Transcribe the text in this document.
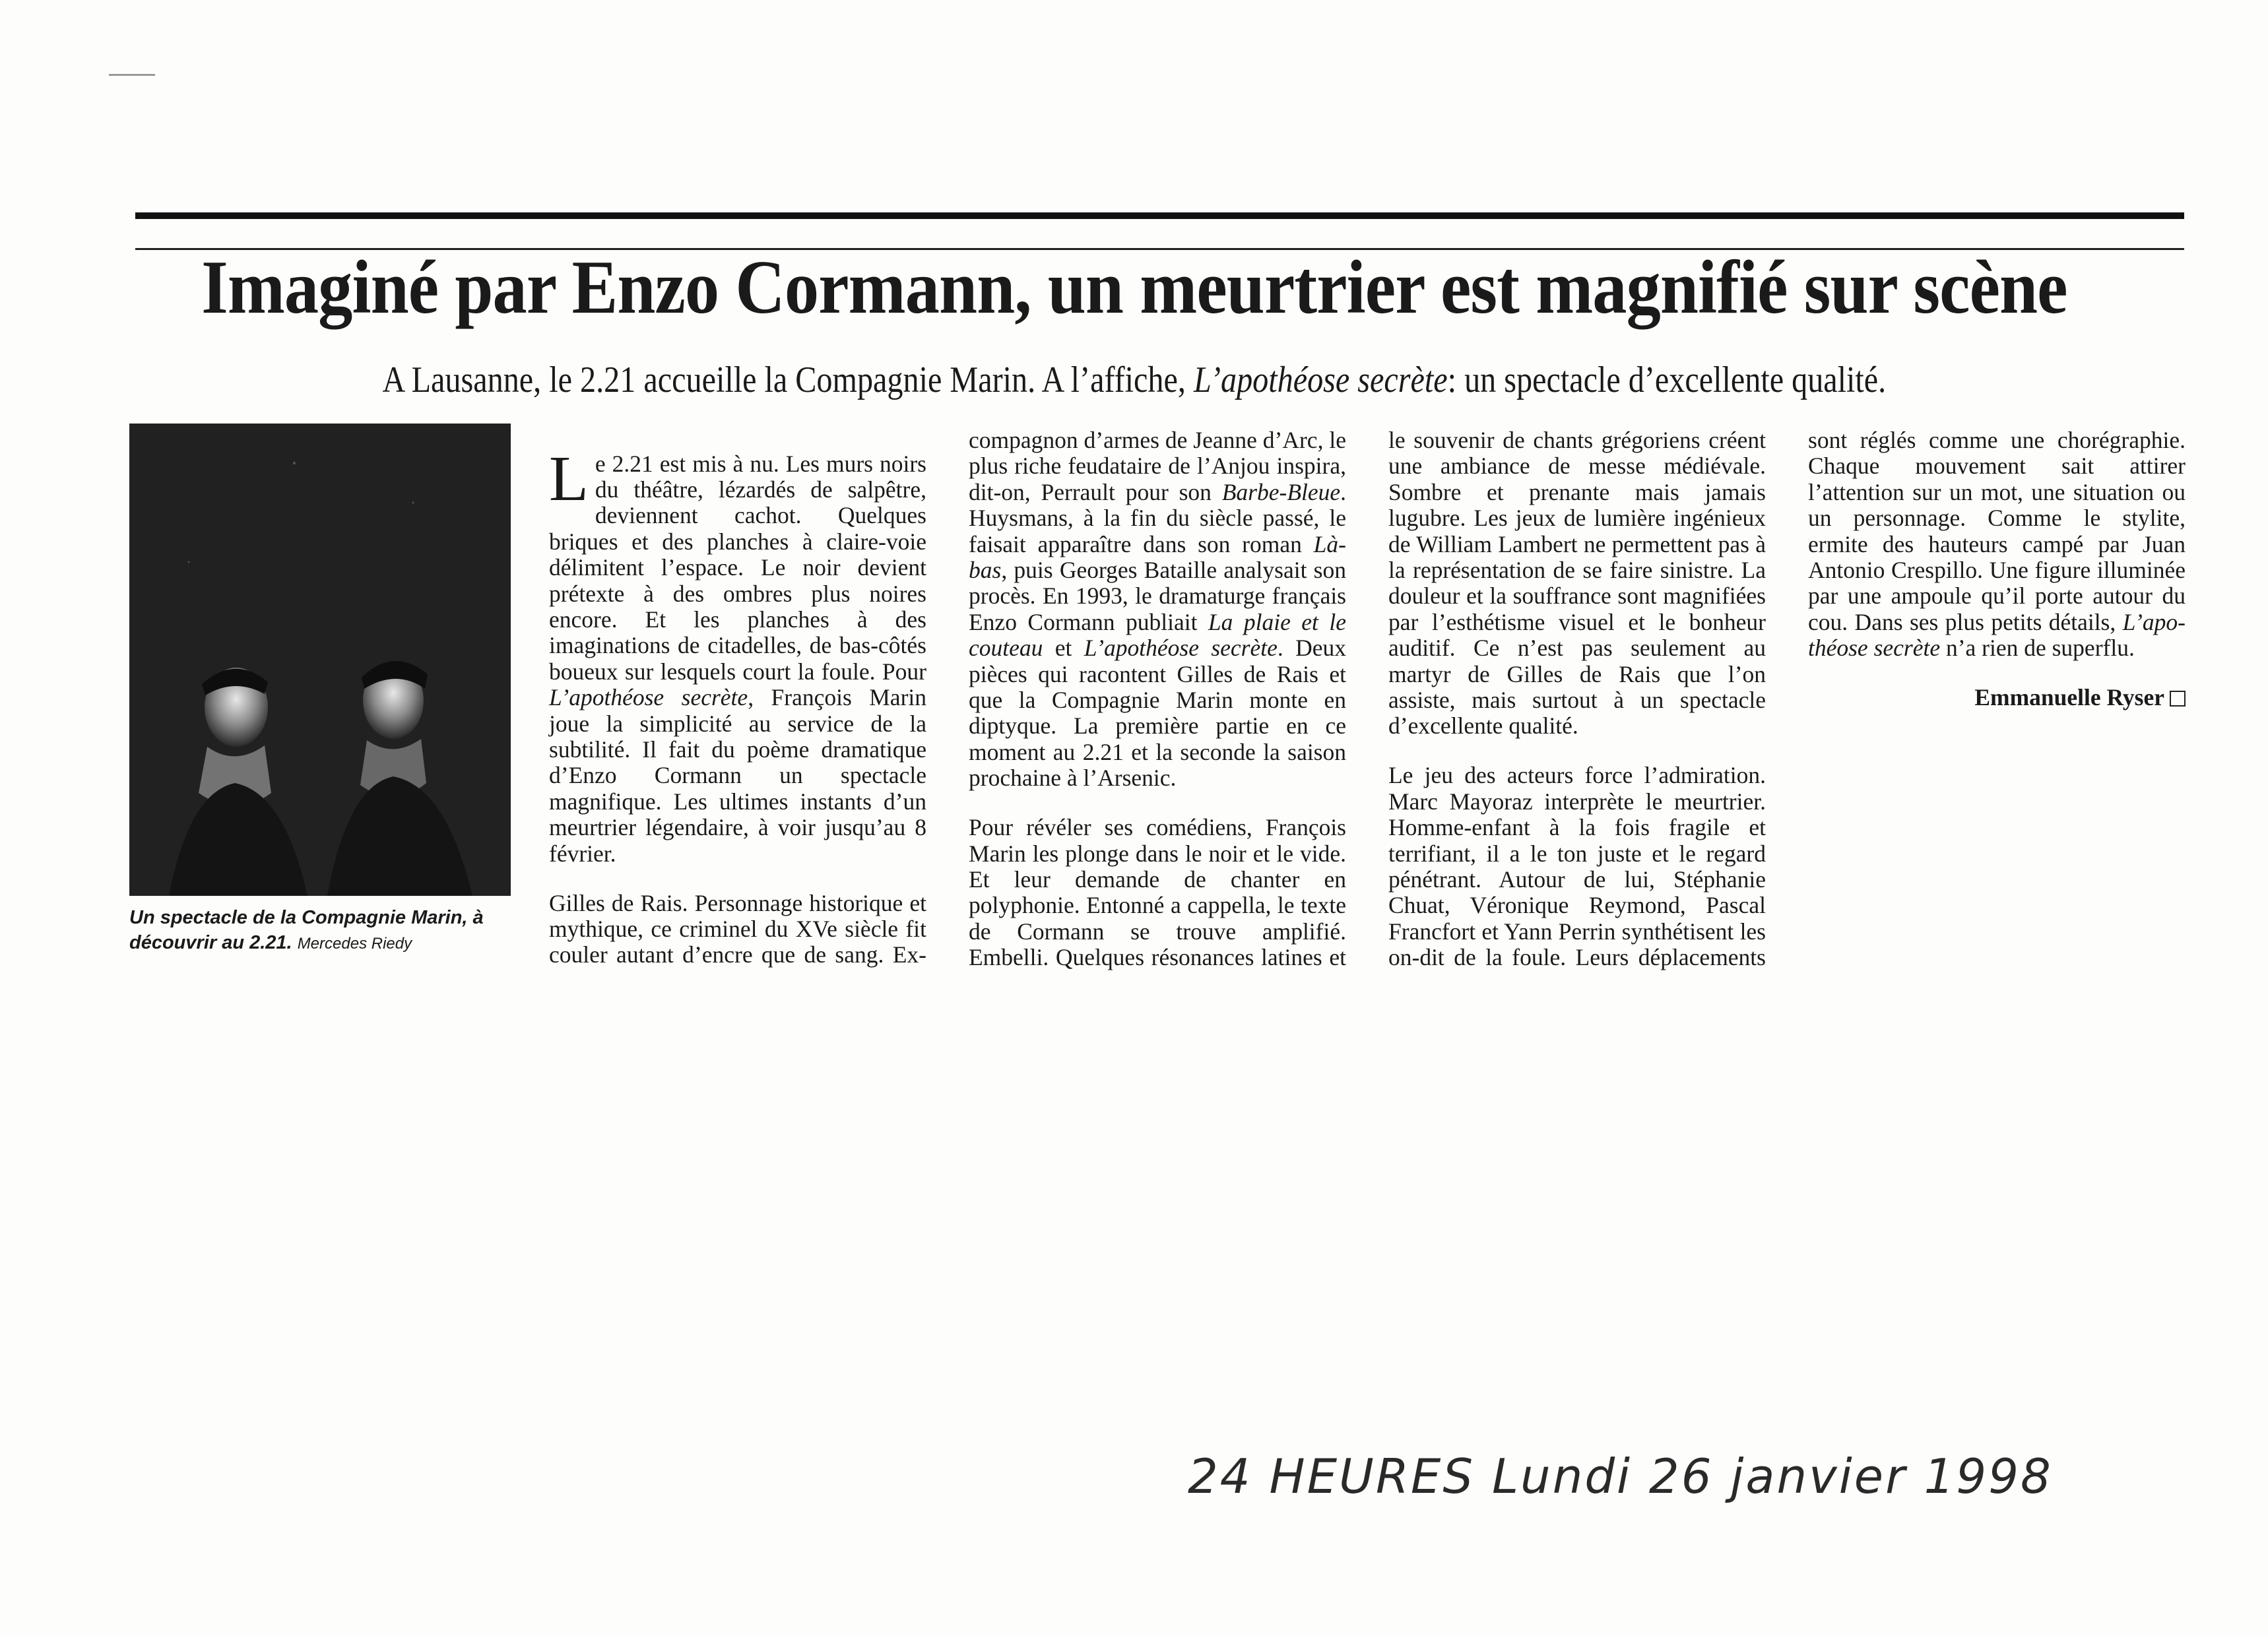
Imaginé par Enzo Cormann, un meurtrier est magnifié sur scène
A Lausanne, le 2.21 accueille la Compagnie Marin. A l’affiche, L’apothéose secrète: un spectacle d’excellente qualité.
Un spectacle de la Compagnie Marin, à découvrir au 2.21. Mercedes Riedy
24 HEURES Lundi 26 janvier 1998

Le 2.21 est mis à nu. Les murs noirs du théâtre, lézardés de salpêtre, deviennent cachot. Quelques briques et des planches à claire-voie délimitent l’espace. Le noir devient prétexte à des ombres plus noires encore. Et les planches à des imaginations de citadelles, de bas-côtés boueux sur lesquels court la foule. Pour L’apothéose secrète, François Marin joue la simplicité au service de la subtilité. Il fait du poème dramatique d’Enzo Cormann un spectacle magnifique. Les ultimes instants d’un meurtrier légendaire, à voir jusqu’au 8 février.

Gilles de Rais. Personnage historique et mythique, ce criminel du XVe siècle fit couler autant d’encre que de sang. Ex-compagnon d’armes de Jeanne d’Arc, le plus riche feudataire de l’Anjou inspira, dit-on, Perrault pour son Barbe-Bleue. Huysmans, à la fin du siècle passé, le faisait apparaître dans son roman Là-bas, puis Georges Bataille analysait son procès. En 1993, le dramaturge français Enzo Cormann publiait La plaie et le couteau et L’apothéose secrète. Deux pièces qui racontent Gilles de Rais et que la Compagnie Marin monte en diptyque. La première partie en ce moment au 2.21 et la seconde la saison prochaine à l’Arsenic.

Pour révéler ses comédiens, François Marin les plonge dans le noir et le vide. Et leur demande de chanter en polyphonie. Entonné a cappella, le texte de Cormann se trouve amplifié. Embelli. Quelques résonances latines et le souvenir de chants grégoriens créent une ambiance de messe médiévale. Sombre et prenante mais jamais lugubre. Les jeux de lumière ingénieux de William Lambert ne permettent pas à la représentation de se faire sinistre. La douleur et la souffrance sont magnifiées par l’esthétisme visuel et le bonheur auditif. Ce n’est pas seulement au martyr de Gilles de Rais que l’on assiste, mais surtout à un spectacle d’excellente qualité.

Le jeu des acteurs force l’admiration. Marc Mayoraz interprète le meurtrier. Homme-enfant à la fois fragile et terrifiant, il a le ton juste et le regard pénétrant. Autour de lui, Stéphanie Chuat, Véronique Reymond, Pascal Francfort et Yann Perrin synthétisent les on-dit de la foule. Leurs déplacements sont réglés comme une chorégraphie. Chaque mouvement sait attirer l’attention sur un mot, une situation ou un personnage. Comme le stylite, ermite des hauteurs campé par Juan Antonio Crespillo. Une figure illuminée par une ampoule qu’il porte autour du cou. Dans ses plus petits détails, L’apothéose secrète n’a rien de superflu.

Emmanuelle Ryser
